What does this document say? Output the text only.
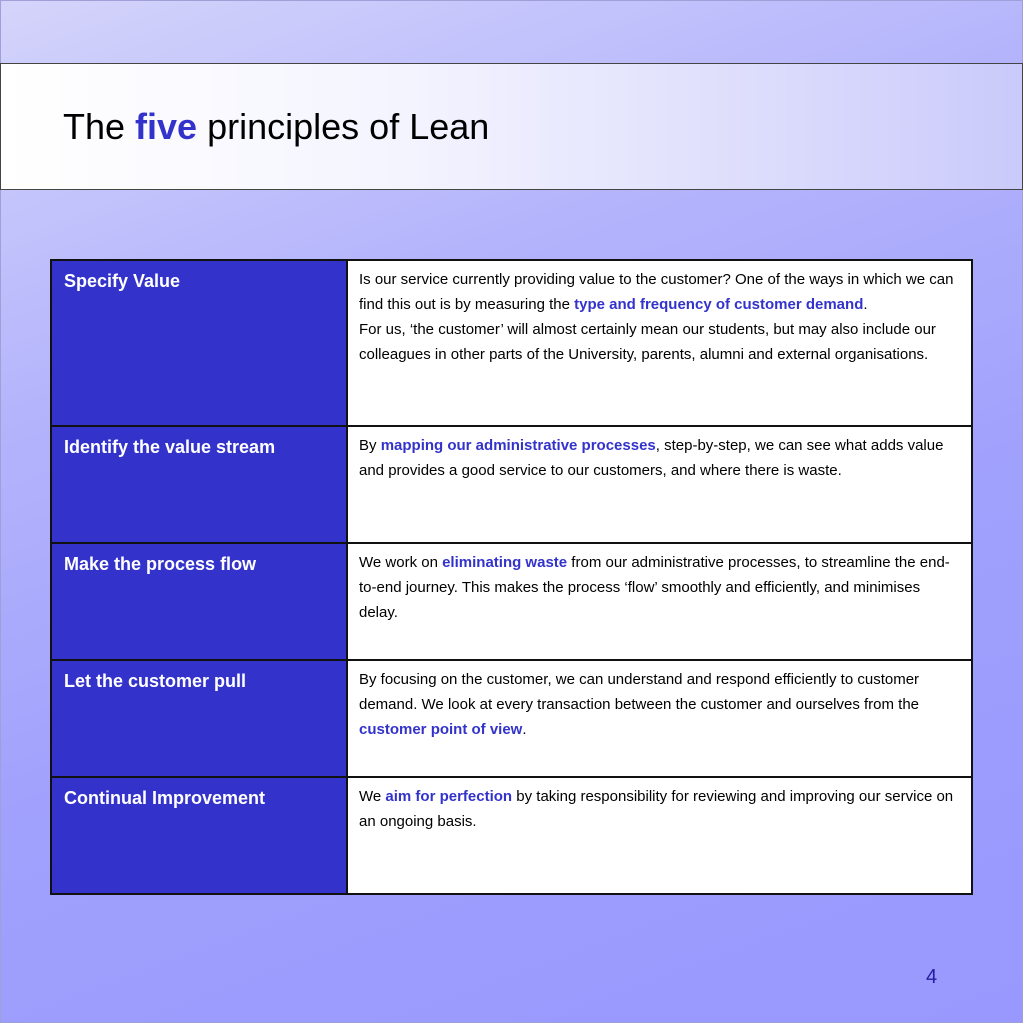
The five principles of Lean
Specify Value	Is our service currently providing value to the customer? One of the ways in which we can find this out is by measuring the type and frequency of customer demand.
For us, ‘the customer’ will almost certainly mean our students, but may also include our colleagues in other parts of the University, parents, alumni and external organisations.
Identify the value stream	By mapping our administrative processes, step-by-step, we can see what adds value and provides a good service to our customers, and where there is waste.
Make the process flow	We work on eliminating waste from our administrative processes, to streamline the end-to-end journey. This makes the process ‘flow’ smoothly and efficiently, and minimises delay.
Let the customer pull	By focusing on the customer, we can understand and respond efficiently to customer demand. We look at every transaction between the customer and ourselves from the customer point of view.
Continual Improvement	We aim for perfection by taking responsibility for reviewing and improving our service on an ongoing basis.
4
